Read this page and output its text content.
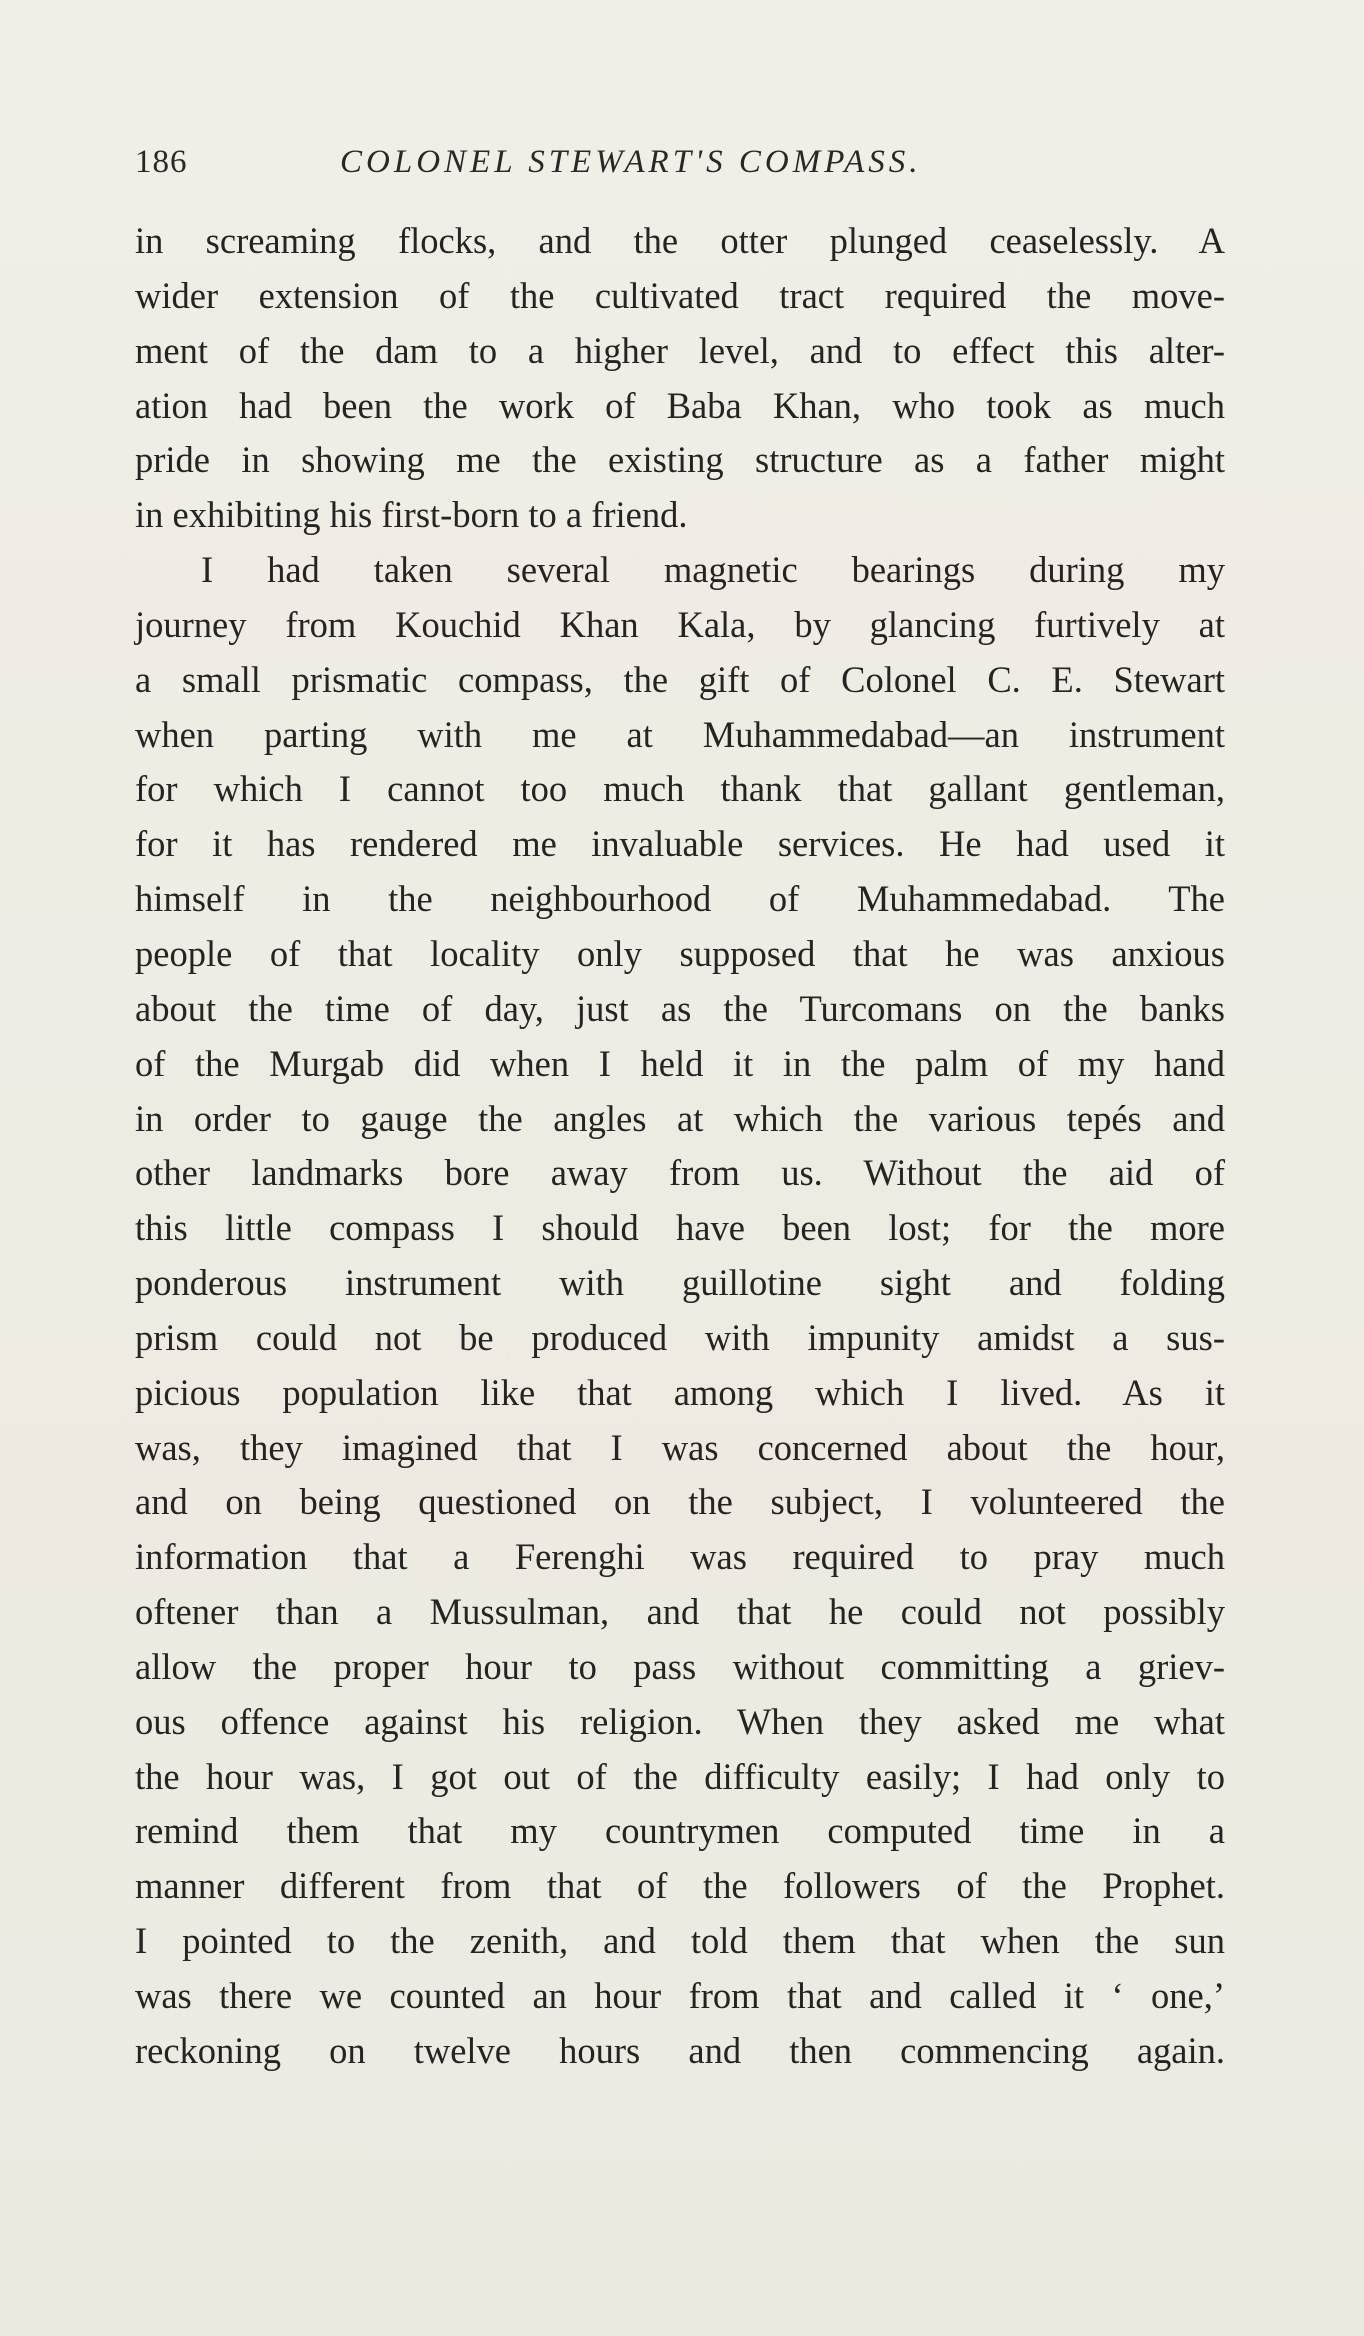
186	COLONEL STEWART'S COMPASS.
in screaming flocks, and the otter plunged ceaselessly. A
wider extension of the cultivated tract required the move-
ment of the dam to a higher level, and to effect this alter-
ation had been the work of Baba Khan, who took as much
pride in showing me the existing structure as a father might
in exhibiting his first-born to a friend.
I had taken several magnetic bearings during my
journey from Kouchid Khan Kala, by glancing furtively at
a small prismatic compass, the gift of Colonel C. E. Stewart
when parting with me at Muhammedabad—an instrument
for which I cannot too much thank that gallant gentleman,
for it has rendered me invaluable services. He had used it
himself in the neighbourhood of Muhammedabad. The
people of that locality only supposed that he was anxious
about the time of day, just as the Turcomans on the banks
of the Murgab did when I held it in the palm of my hand
in order to gauge the angles at which the various tepés and
other landmarks bore away from us. Without the aid of
this little compass I should have been lost; for the more
ponderous instrument with guillotine sight and folding
prism could not be produced with impunity amidst a sus-
picious population like that among which I lived. As it
was, they imagined that I was concerned about the hour,
and on being questioned on the subject, I volunteered the
information that a Ferenghi was required to pray much
oftener than a Mussulman, and that he could not possibly
allow the proper hour to pass without committing a griev-
ous offence against his religion. When they asked me what
the hour was, I got out of the difficulty easily; I had only to
remind them that my countrymen computed time in a
manner different from that of the followers of the Prophet.
I pointed to the zenith, and told them that when the sun
was there we counted an hour from that and called it ‘ one,’
reckoning on twelve hours and then commencing again.
